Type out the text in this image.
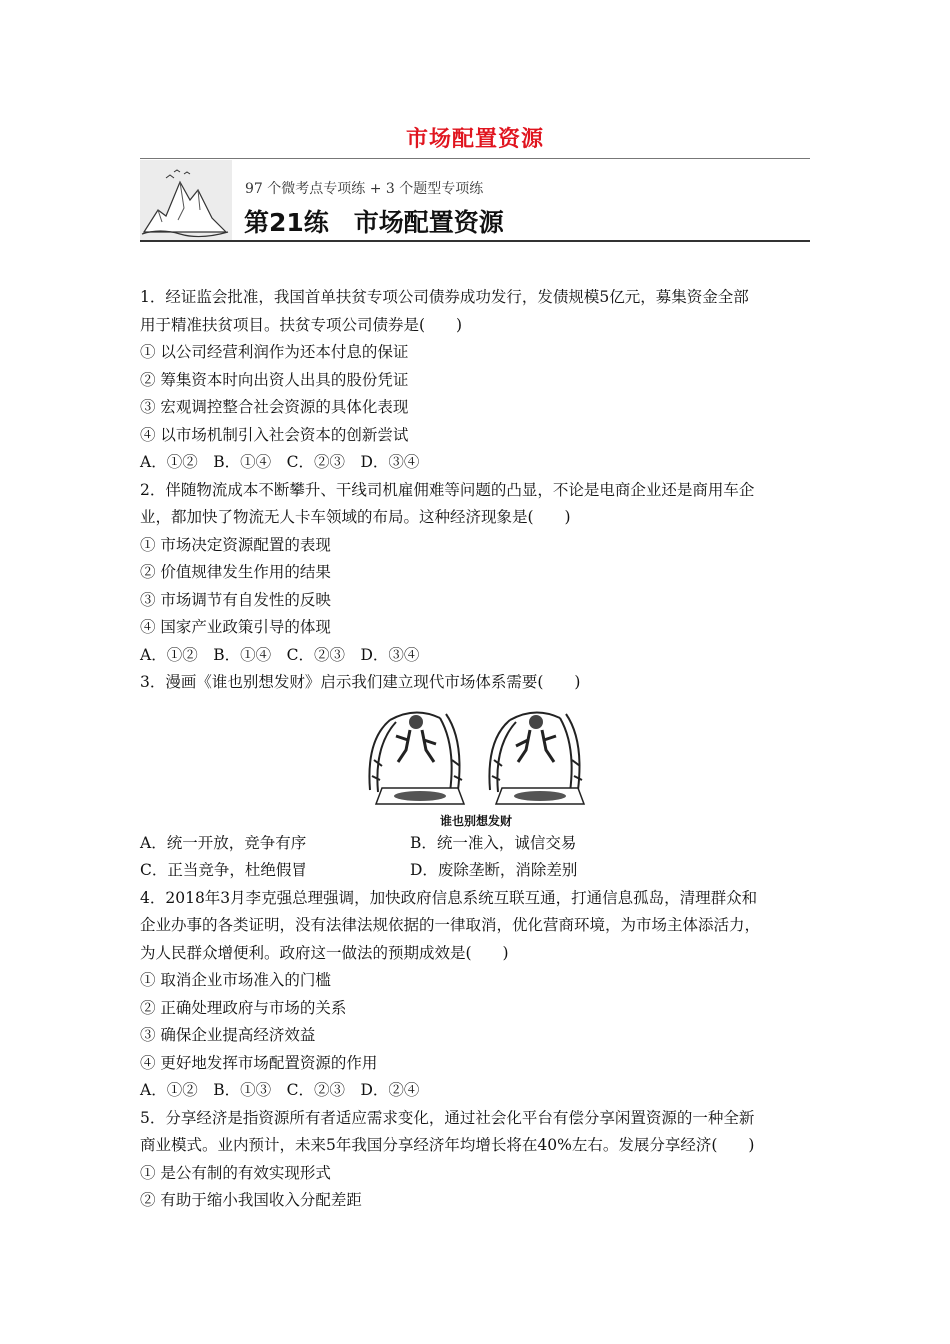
市场配置资源
97 个微考点专项练 + 3 个题型专项练
第21练　市场配置资源
1．经证监会批准，我国首单扶贫专项公司债券成功发行，发债规模5亿元，募集资金全部
用于精准扶贫项目。扶贫专项公司债券是(　　)
① 以公司经营利润作为还本付息的保证
② 筹集资本时向出资人出具的股份凭证
③ 宏观调控整合社会资源的具体化表现
④ 以市场机制引入社会资本的创新尝试
A．①②　B．①④　C．②③　D．③④
2．伴随物流成本不断攀升、干线司机雇佣难等问题的凸显，不论是电商企业还是商用车企
业，都加快了物流无人卡车领域的布局。这种经济现象是(　　)
① 市场决定资源配置的表现
② 价值规律发生作用的结果
③ 市场调节有自发性的反映
④ 国家产业政策引导的体现
A．①②　B．①④　C．②③　D．③④
3．漫画《谁也别想发财》启示我们建立现代市场体系需要(　　)
谁也别想发财
A．统一开放，竞争有序	B．统一准入，诚信交易
C．正当竞争，杜绝假冒	D．废除垄断，消除差别
4．2018年3月李克强总理强调，加快政府信息系统互联互通，打通信息孤岛，清理群众和
企业办事的各类证明，没有法律法规依据的一律取消，优化营商环境，为市场主体添活力，
为人民群众增便利。政府这一做法的预期成效是(　　)
① 取消企业市场准入的门槛
② 正确处理政府与市场的关系
③ 确保企业提高经济效益
④ 更好地发挥市场配置资源的作用
A．①②　B．①③　C．②③　D．②④
5．分享经济是指资源所有者适应需求变化，通过社会化平台有偿分享闲置资源的一种全新
商业模式。业内预计，未来5年我国分享经济年均增长将在40%左右。发展分享经济(　　)
① 是公有制的有效实现形式
② 有助于缩小我国收入分配差距
